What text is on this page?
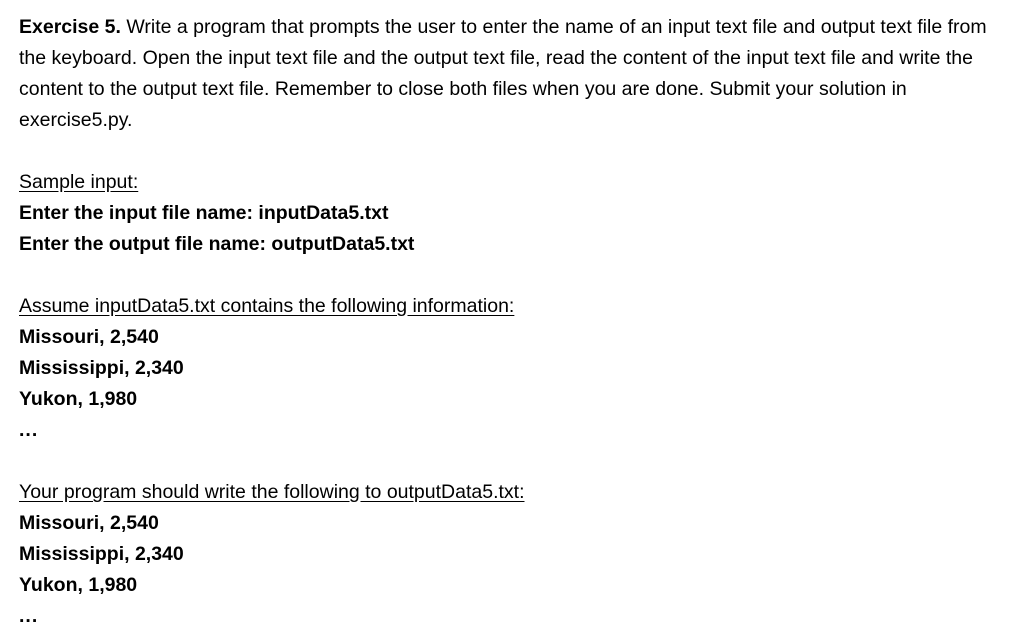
Exercise 5. Write a program that prompts the user to enter the name of an input text file and output text file from the keyboard. Open the input text file and the output text file, read the content of the input text file and write the content to the output text file. Remember to close both files when you are done. Submit your solution in exercise5.py.

Sample input:
Enter the input file name: inputData5.txt
Enter the output file name: outputData5.txt
Assume inputData5.txt contains the following information:
Missouri, 2,540
Mississippi, 2,340
Yukon, 1,980
...
Your program should write the following to outputData5.txt:
Missouri, 2,540
Mississippi, 2,340
Yukon, 1,980
...
